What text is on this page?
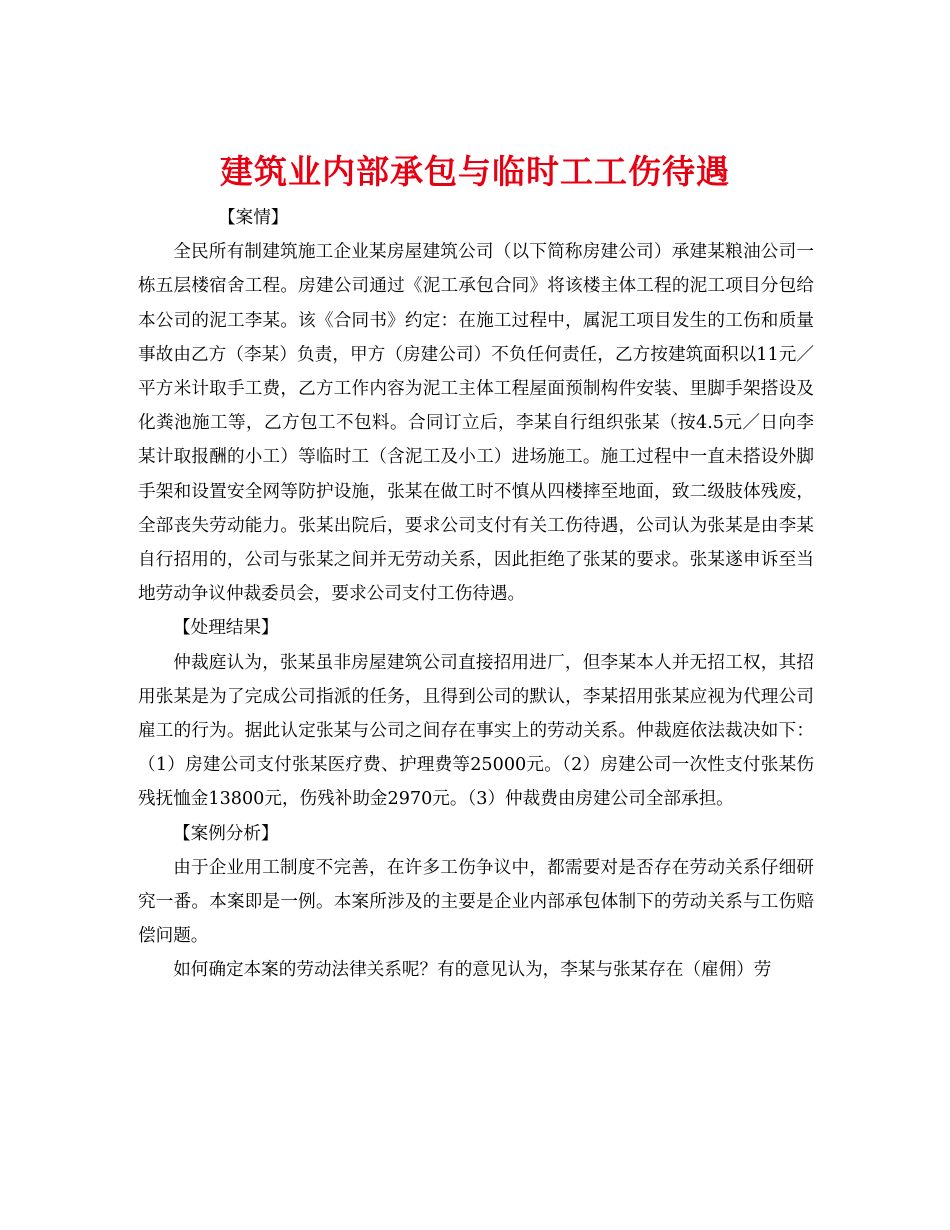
建筑业内部承包与临时工工伤待遇
【案情】

全民所有制建筑施工企业某房屋建筑公司（以下简称房建公司）承建某粮油公司一栋五层楼宿舍工程。房建公司通过《泥工承包合同》将该楼主体工程的泥工项目分包给本公司的泥工李某。该《合同书》约定：在施工过程中，属泥工项目发生的工伤和质量事故由乙方（李某）负责，甲方（房建公司）不负任何责任，乙方按建筑面积以11元／平方米计取手工费，乙方工作内容为泥工主体工程屋面预制构件安装、里脚手架搭设及化粪池施工等，乙方包工不包料。合同订立后，李某自行组织张某（按4.5元／日向李某计取报酬的小工）等临时工（含泥工及小工）进场施工。施工过程中一直未搭设外脚手架和设置安全网等防护设施，张某在做工时不慎从四楼摔至地面，致二级肢体残废，全部丧失劳动能力。张某出院后，要求公司支付有关工伤待遇，公司认为张某是由李某自行招用的，公司与张某之间并无劳动关系，因此拒绝了张某的要求。张某遂申诉至当地劳动争议仲裁委员会，要求公司支付工伤待遇。

【处理结果】

仲裁庭认为，张某虽非房屋建筑公司直接招用进厂，但李某本人并无招工权，其招用张某是为了完成公司指派的任务，且得到公司的默认，李某招用张某应视为代理公司雇工的行为。据此认定张某与公司之间存在事实上的劳动关系。仲裁庭依法裁决如下：（1）房建公司支付张某医疗费、护理费等25000元。（2）房建公司一次性支付张某伤残抚恤金13800元，伤残补助金2970元。（3）仲裁费由房建公司全部承担。

【案例分析】

由于企业用工制度不完善，在许多工伤争议中，都需要对是否存在劳动关系仔细研究一番。本案即是一例。本案所涉及的主要是企业内部承包体制下的劳动关系与工伤赔偿问题。

如何确定本案的劳动法律关系呢？有的意见认为，李某与张某存在（雇佣）劳
